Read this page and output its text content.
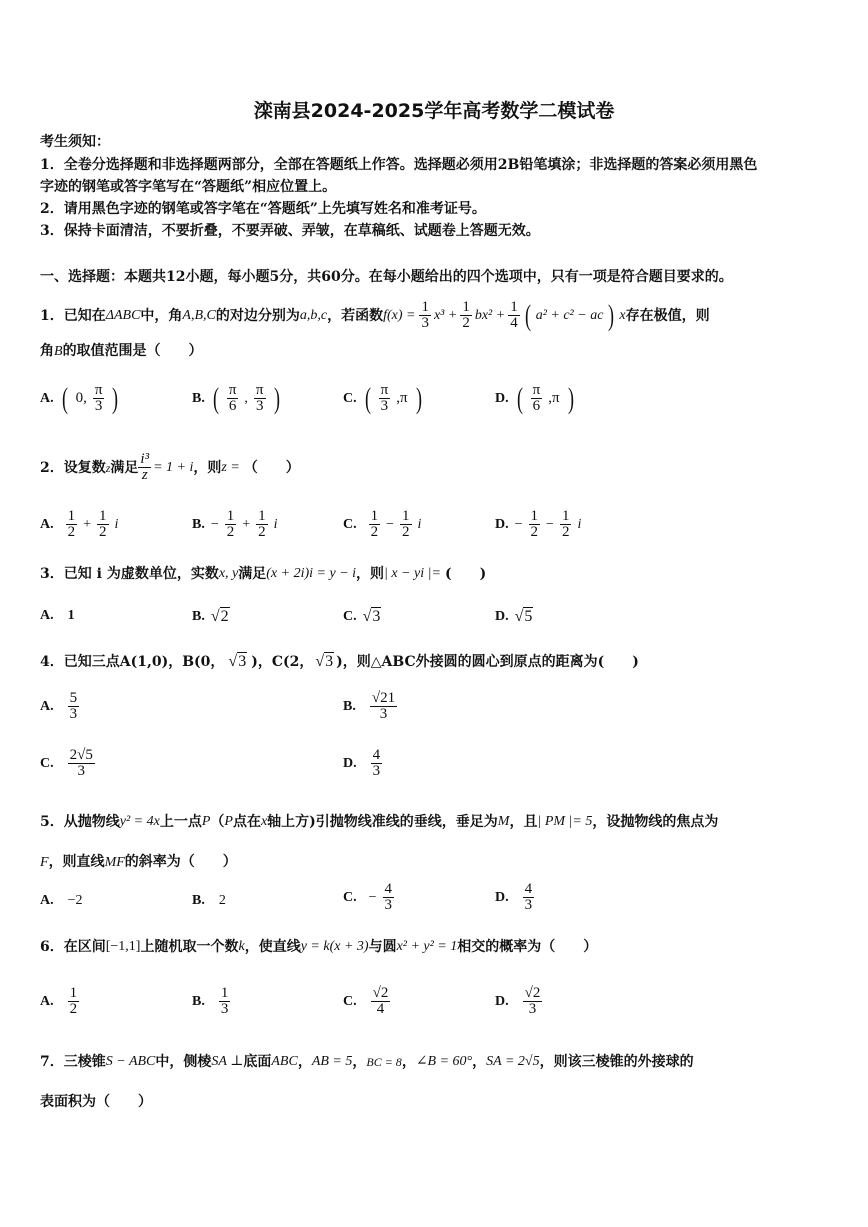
滦南县2024-2025学年高考数学二模试卷
考生须知：
1．全卷分选择题和非选择题两部分，全部在答题纸上作答。选择题必须用2B铅笔填涂；非选择题的答案必须用黑色
字迹的钢笔或答字笔写在“答题纸”相应位置上。
2．请用黑色字迹的钢笔或答字笔在“答题纸”上先填写姓名和准考证号。
3．保持卡面清洁，不要折叠，不要弄破、弄皱，在草稿纸、试题卷上答题无效。
一、选择题：本题共12小题，每小题5分，共60分。在每小题给出的四个选项中，只有一项是符合题目要求的。
1． 已知在 ΔABC 中，角 A,B,C 的对边分别为 a,b,c ，若函数 $f(x) = \frac{1}{3} x^3 + \frac{1}{2} bx^2 + \frac{1}{4}$ ( a² + c² − ac ) x 存在极值，则
角B的取值范围是（　　）
A. ( 0, $\frac{\pi}{3}$ )	B. ( $\frac{\pi}{6}$ , $\frac{\pi}{3}$ )	C. ( $\frac{\pi}{3} ,\pi$ )	D. ( $\frac{\pi}{6} ,\pi$ )
2． 设复数 z 满足 $\frac{\text{i³}}{z} = 1 + i$ ，则 z = （　　）
A. $\frac{1}{2} + \frac{1}{2}$ i	B. − $\frac{1}{2} + \frac{1}{2}$ i	C. $\frac{1}{2} - \frac{1}{2}$ i	D. − $\frac{1}{2} - \frac{1}{2}$ i
3． 已知 i 为虚数单位，实数 x, y 满足 (x + 2i)i = y − i ，则 | x − yi |= (　　)
A. 1	B. √2	C. √3	D. √5
4． 已知三点 A(1,0) ， B(0， √3 )， C(2， √3 )，则△ABC外接圆的圆心到原点的距离为(　　)
A. $\frac{5}{3}$	B. $\frac{√21}{3}$
C. $\frac{2√5}{3}$	D. $\frac{4}{3}$
5． 从抛物线 y² = 4x 上一点 P （ P 点在 x 轴上方)引抛物线准线的垂线，垂足为 M ，且 | PM |= 5 ，设抛物线的焦点为
F，则直线MF的斜率为（　　）
A. −2	B. 2	C. − $\frac{4}{3}$	D. $\frac{4}{3}$
6． 在区间 [−1,1] 上随机取一个数 k ，使直线 y = k(x + 3) 与圆 x² + y² = 1 相交的概率为（　　）
A. $\frac{1}{2}$	B. $\frac{1}{3}$	C. $\frac{√2}{4}$	D. $\frac{√2}{3}$
7． 三棱锥 S − ABC 中，侧棱 SA ⊥ 底面 ABC ， AB = 5 ， BC = 8 ， ∠B = 60° ， SA = 2√5 ，则该三棱锥的外接球的
表面积为（　　）
